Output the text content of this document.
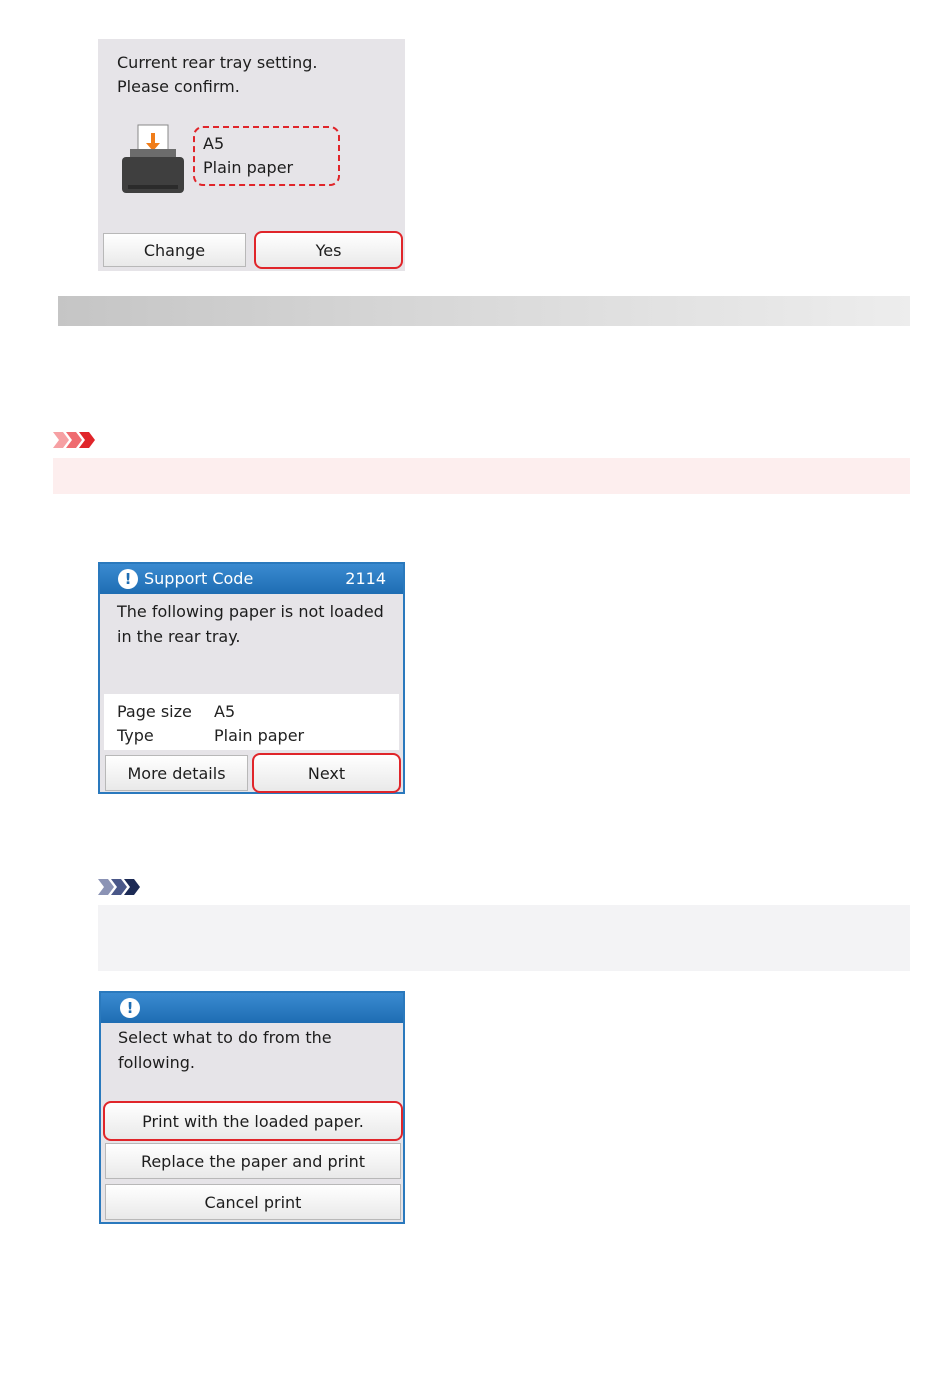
Current rear tray setting.
Please confirm.
A5
Plain paper
Change	Yes
! Support Code	2114
The following paper is not loaded
in the rear tray.
Page size A5
Type	Plain paper
More details	Next
!
Select what to do from the
following.
Print with the loaded paper.
Replace the paper and print
Cancel print
